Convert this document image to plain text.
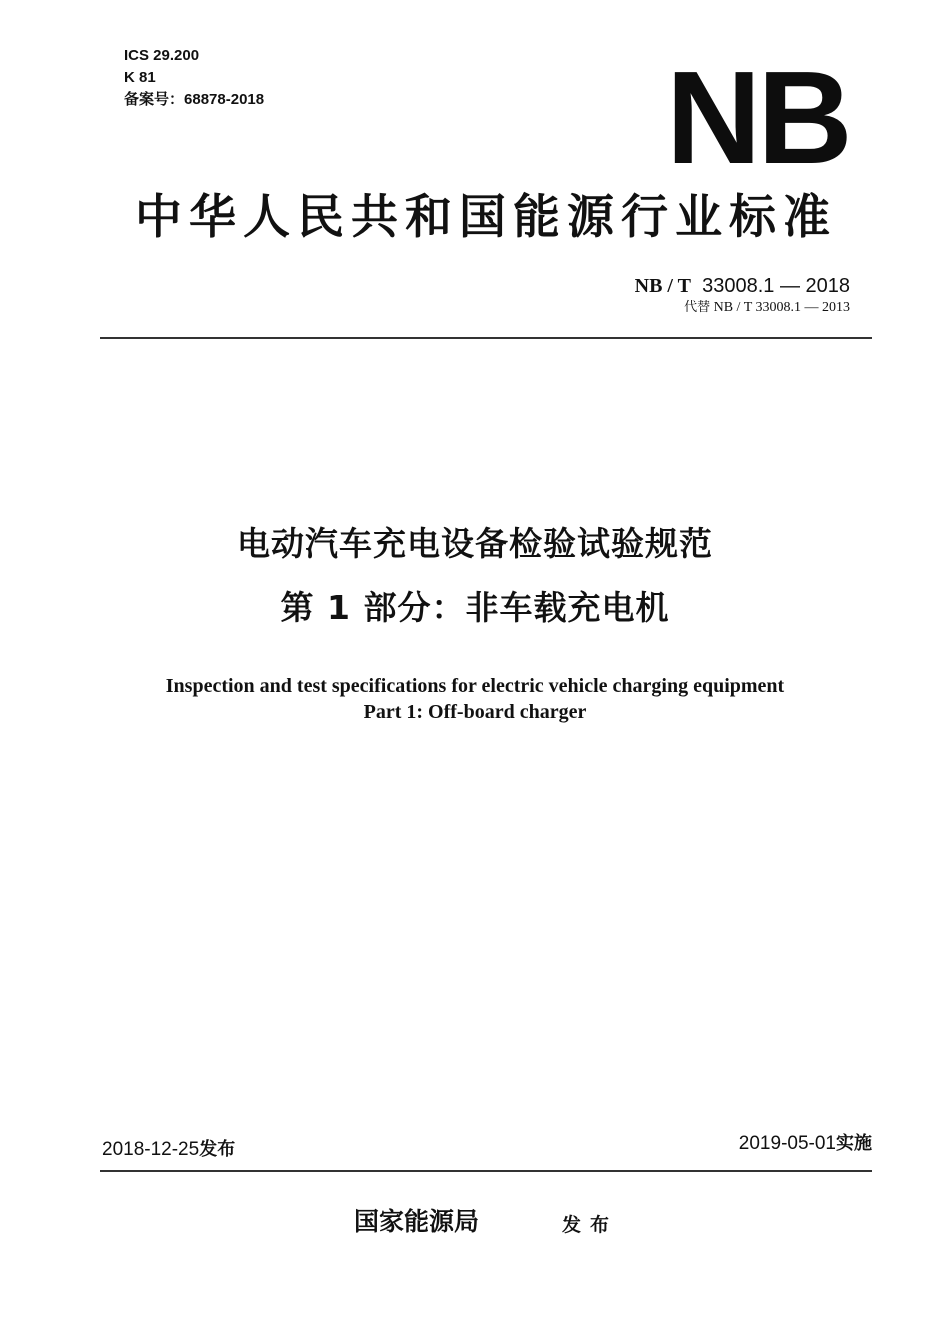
ICS 29.200
K 81
备案号：68878-2018	NB
中华人民共和国能源行业标准
NB / T 33008.1 — 2018
代替 NB / T 33008.1 — 2013
电动汽车充电设备检验试验规范
第 1 部分：非车载充电机
Inspection and test specifications for electric vehicle charging equipment
Part 1: Off-board charger
2018-12-25发布	2019-05-01实施
国家能源局	发布
